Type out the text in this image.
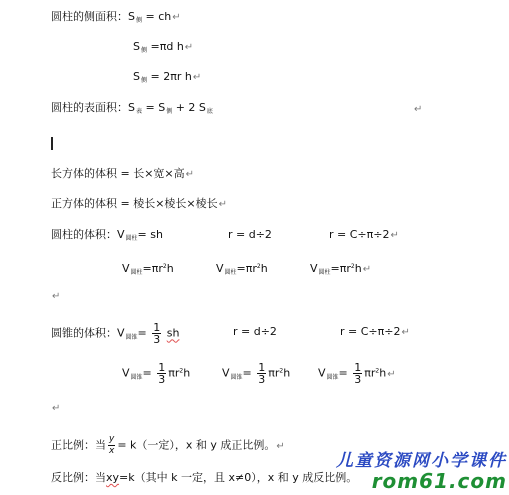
圆柱的侧面积：$S_侧$ = ch↵
$S_侧 =\pi d$ h↵
$S_侧 = 2\pi r$ h↵
圆柱的表面积：$S_表 = S_侧 + 2$ $S_底$	↵
长方体的体积 = 长×宽×高↵
正方体的体积 = 棱长×棱长×棱长↵
圆柱的体积：$V_{圆柱}=$ sh	r = d÷2	r = C÷π÷2↵
$V_{圆柱}=\pi r^2h$	$V_{圆柱}=\pi r^2h$	$V_{圆柱}=\pi r^2h↵$
↵
圆锥的体积：$V_{圆锥}= \frac{1}{3}$ sh	r = d÷2	r = C÷π÷2↵
$V_{圆锥}= \frac{1}{3} \pi r^2h$	$V_{圆锥}= \frac{1}{3} \pi r^2h$	$V_{圆锥}= \frac{1}{3}$ $\pi r^2h↵$
↵
正比例：当 $\frac{y}{x} = k$（一定），x 和 y 成正比例。↵
反比例：当xy=k（其中 k 一定，且 x≠0），x 和 y 成反比例。
儿童资源网小学课件
rom61.com
